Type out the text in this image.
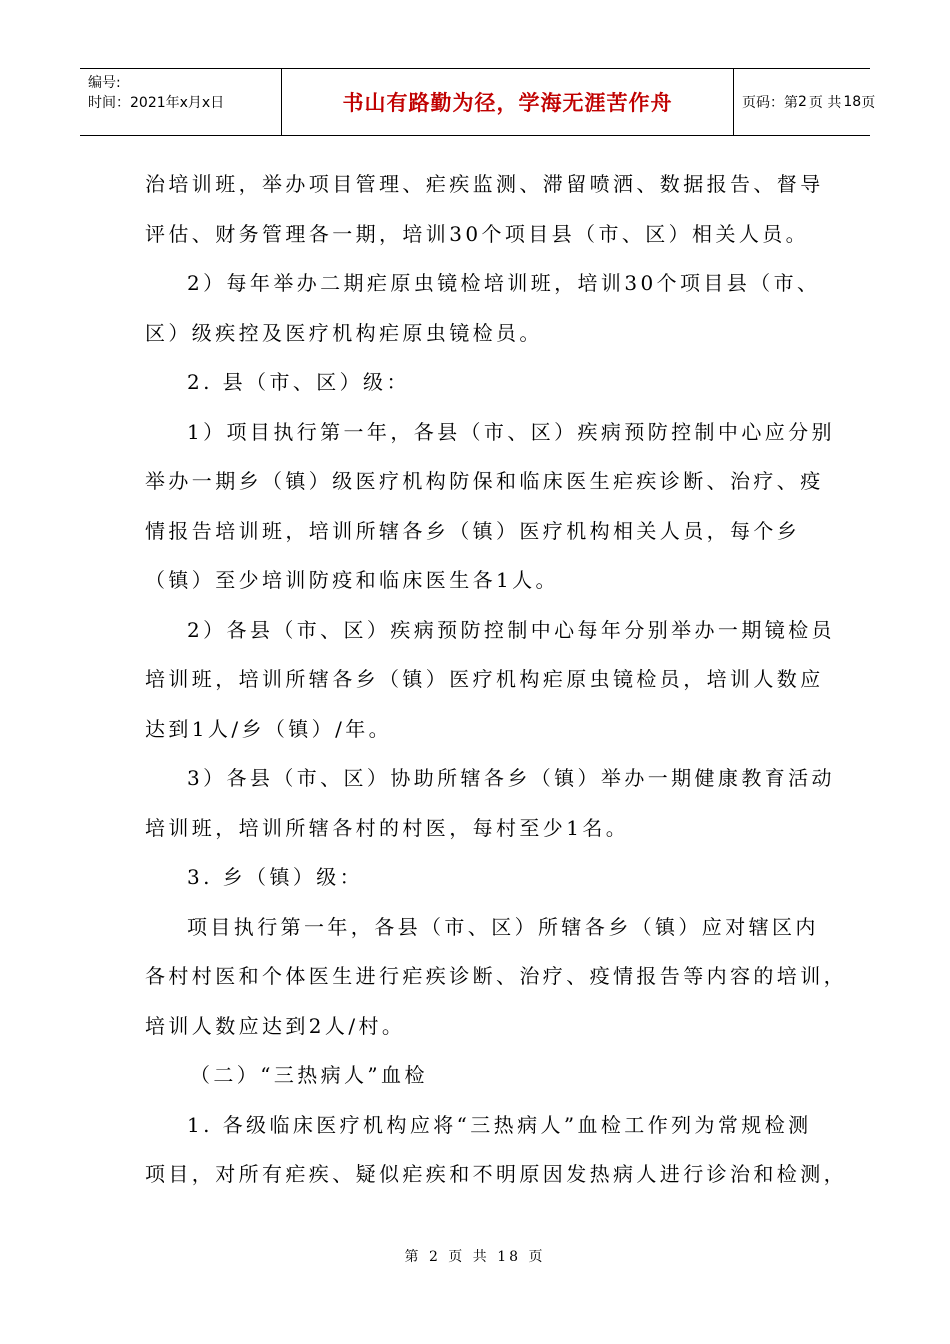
编号:
时间：2021年x月x日	书山有路勤为径，学海无涯苦作舟	页码：第 2 页 共 18 页
治培训班，举办项目管理、疟疾监测、滞留喷洒、数据报告、督导
评估、财务管理各一期，培训30个项目县（市、区）相关人员。
2）每年举办二期疟原虫镜检培训班，培训30个项目县（市、
区）级疾控及医疗机构疟原虫镜检员。
2. 县（市、区）级：
1）项目执行第一年，各县（市、区）疾病预防控制中心应分别
举办一期乡（镇）级医疗机构防保和临床医生疟疾诊断、治疗、疫
情报告培训班，培训所辖各乡（镇）医疗机构相关人员，每个乡
（镇）至少培训防疫和临床医生各1人。
2）各县（市、区）疾病预防控制中心每年分别举办一期镜检员
培训班，培训所辖各乡（镇）医疗机构疟原虫镜检员，培训人数应
达到1人/乡（镇）/年。
3）各县（市、区）协助所辖各乡（镇）举办一期健康教育活动
培训班，培训所辖各村的村医，每村至少1名。
3. 乡（镇）级：
项目执行第一年，各县（市、区）所辖各乡（镇）应对辖区内
各村村医和个体医生进行疟疾诊断、治疗、疫情报告等内容的培训，
培训人数应达到2人/村。
（二）“三热病人”血检
1. 各级临床医疗机构应将“三热病人”血检工作列为常规检测
项目，对所有疟疾、疑似疟疾和不明原因发热病人进行诊治和检测，
第 2 页 共 18 页
